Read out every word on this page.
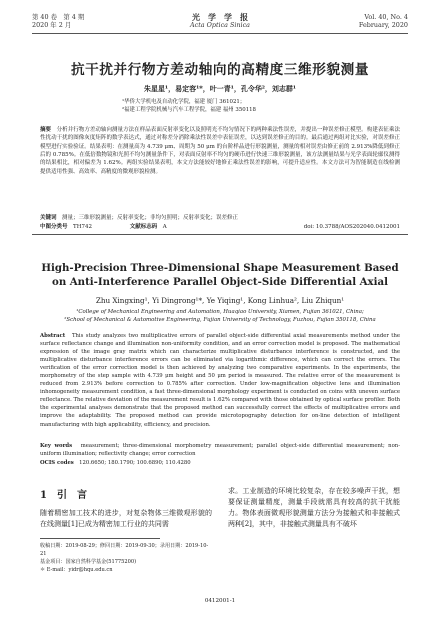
第 40 卷　第 4 期
2020 年 2 月
光　学　学　报
Acta Optica Sinica
Vol. 40, No. 4
February, 2020
抗干扰并行物方差动轴向的高精度三维形貌测量
朱星星¹，易定容¹*，叶一青¹，孔令华²，刘志群¹
¹华侨大学机电及自动化学院，福建 厦门 361021；
²福建工程学院机械与汽车工程学院，福建 福州 350118
摘要　 分析并行物方差动轴向测量方法在样品表面反射率变化以及照明光不均匀情况下的两种乘法性误差，并提出一种误差修正模型。构建表征乘法性扰动干扰的图像灰度矩阵的数学表达式，通过对称差分消除乘法性误差中表征误差，以达到误差修正的目的。最后通过两组对比实验，对误差修正模型进行实验验证。结果表明：在测量高为 4.739 μm、周期为 50 μm 的台阶样品进行形貌测量，测量的相对误差由修正前的 2.913%降低到修正后的 0.785%。在低倍数物镜和光照不均匀测量条件下，对表面反射率不均匀的硬币进行快速三维形貌测量，该方法测量结果与光学表面轮廓仪测得的结果相比，相对偏差为 1.62%。两组实验结果表明，本文方法能较好地修正乘法性误差的影响，可提升适应性。本文方法可为智能制造在线检测提供适用性强、高效率、高精度的微观形貌检测。
关键词　 测量；三维形貌测量；反射率变化；非均匀照明；反射率变化；误差修正
中图分类号　 TH742	文献标志码　 A	doi: 10.3788/AOS202040.0412001
High-Precision Three-Dimensional Shape Measurement Based on Anti-Interference Parallel Object-Side Differential Axial
Zhu Xingxing¹, Yi Dingrong¹*, Ye Yiqing¹, Kong Linhua², Liu Zhiqun¹
¹College of Mechanical Engineering and Automation, Huaqiao University, Xiamen, Fujian 361021, China;
²School of Mechanical & Automotive Engineering, Fujian University of Technology, Fuzhou, Fujian 350118, China
Abstract　 This study analyzes two multiplicative errors of parallel object-side differential axial measurements method under the surface reflectance change and illumination non-uniformity condition, and an error correction model is proposed. The mathematical expression of the image gray matrix which can characterize multiplicative disturbance interference is constructed, and the multiplicative disturbance interference errors can be eliminated via logarithmic difference, which can correct the errors. The verification of the error correction model is then achieved by analyzing two comparative experiments. In the experiments, the morphometry of the step sample with 4.739 μm height and 50 μm period is measured. The relative error of the measurement is reduced from 2.913% before correction to 0.785% after correction. Under low-magnification objective lens and illumination inhomogeneity measurement condition, a fast three-dimensional morphology experiment is conducted on coins with uneven surface reflectance. The relative deviation of the measurement result is 1.62% compared with those obtained by optical surface profiler. Both the experimental analyses demonstrate that the proposed method can successfully correct the effects of multiplicative errors and improve the adaptability. The proposed method can provide microtopography detection for on-line detection of intelligent manufacturing with high applicability, efficiency, and precision.
Key words　 measurement; three-dimensional morphometry measurement; parallel object-side differential measurement; non-uniform illumination; reflectivity change; error correction
OCIS codes　 120.6650; 180.1790; 100.6890; 110.4280
1　引　言
随着精密加工技术的进步，对复杂物体三维微观形貌的在线测量[1]已成为精密加工行业的共同需
求。工业制造的环境比较复杂，存在较多噪声干扰，想要保证测量精度，测量手段就需具有较高的抗干扰能力。物体表面微观形貌测量方法分为接触式和非接触式两种[2]，其中，非接触式测量具有不破坏
收稿日期：2019-08-29；修回日期：2019-09-30；录用日期：2019-10-21
基金项目：国家自然科学基金(51775200)
＊ E-mail：yidr@hqu.edu.cn
0412001-1
